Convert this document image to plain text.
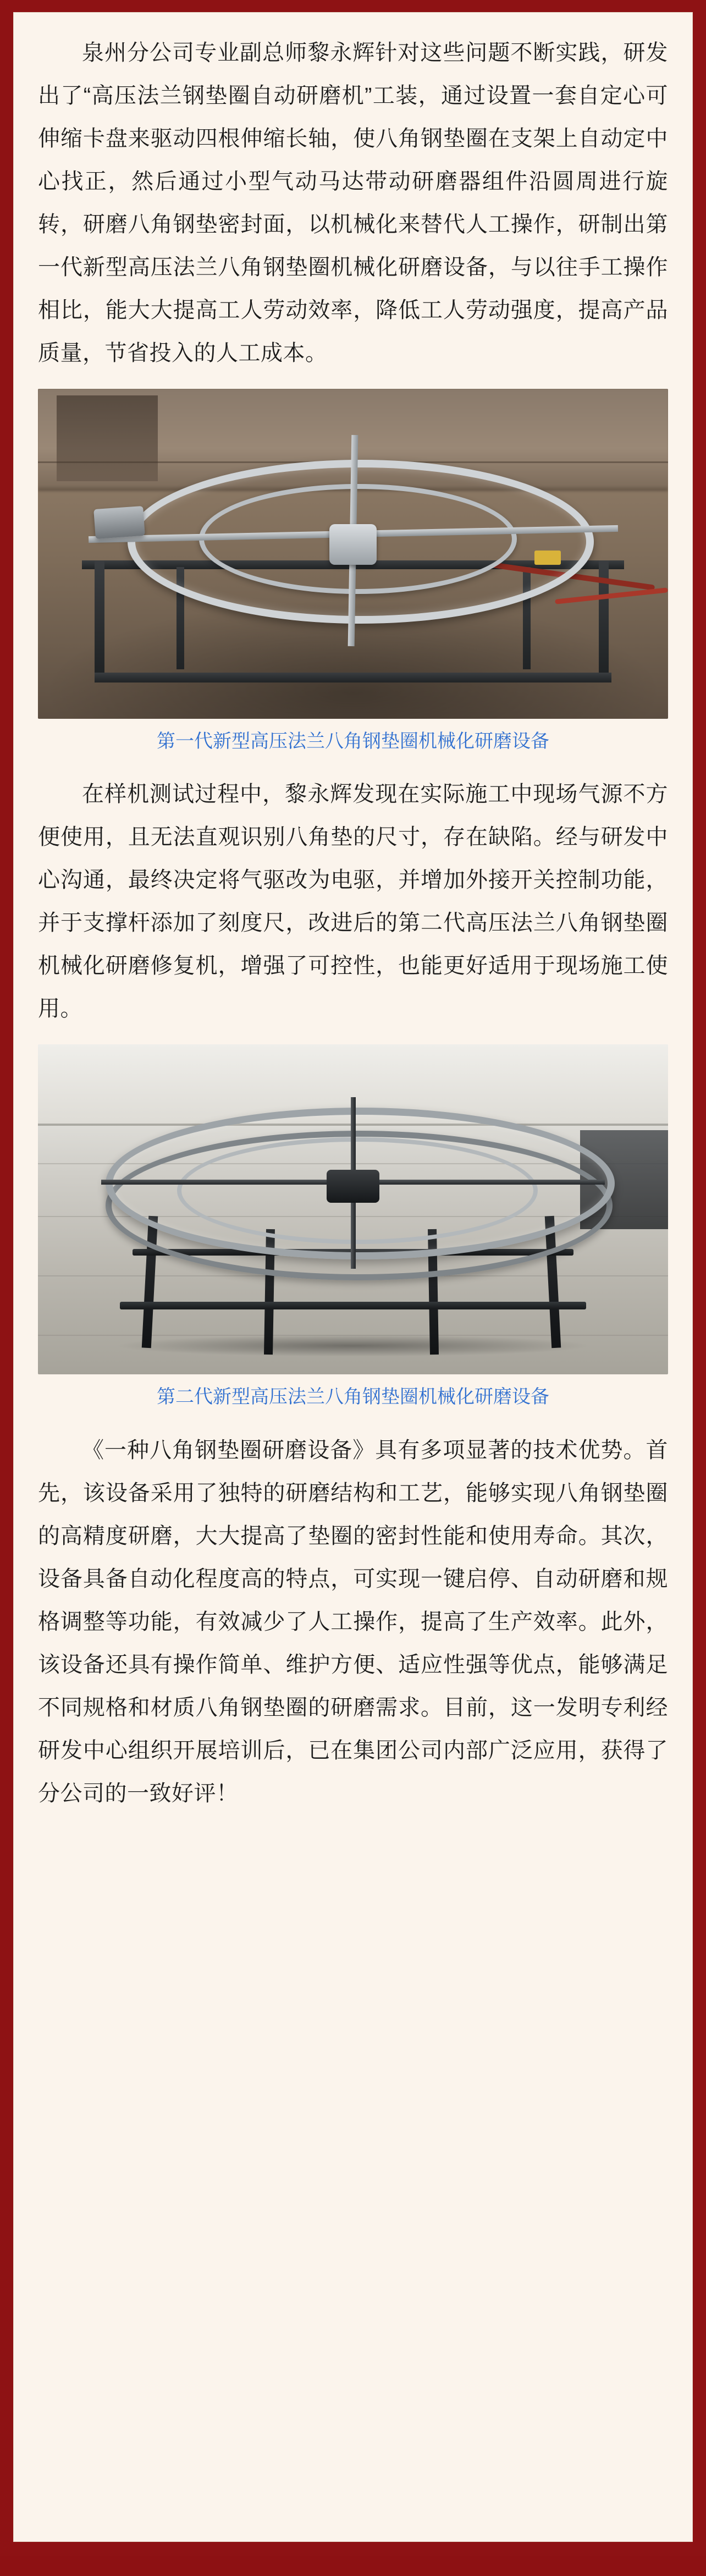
泉州分公司专业副总师黎永辉针对这些问题不断实践，研发出了“高压法兰钢垫圈自动研磨机”工装，通过设置一套自定心可伸缩卡盘来驱动四根伸缩长轴，使八角钢垫圈在支架上自动定中心找正，然后通过小型气动马达带动研磨器组件沿圆周进行旋转，研磨八角钢垫密封面，以机械化来替代人工操作，研制出第一代新型高压法兰八角钢垫圈机械化研磨设备，与以往手工操作相比，能大大提高工人劳动效率，降低工人劳动强度，提高产品质量，节省投入的人工成本。

第一代新型高压法兰八角钢垫圈机械化研磨设备

在样机测试过程中，黎永辉发现在实际施工中现场气源不方便使用，且无法直观识别八角垫的尺寸，存在缺陷。经与研发中心沟通，最终决定将气驱改为电驱，并增加外接开关控制功能，并于支撑杆添加了刻度尺，改进后的第二代高压法兰八角钢垫圈机械化研磨修复机，增强了可控性，也能更好适用于现场施工使用。

第二代新型高压法兰八角钢垫圈机械化研磨设备

《一种八角钢垫圈研磨设备》具有多项显著的技术优势。首先，该设备采用了独特的研磨结构和工艺，能够实现八角钢垫圈的高精度研磨，大大提高了垫圈的密封性能和使用寿命。其次，设备具备自动化程度高的特点，可实现一键启停、自动研磨和规格调整等功能，有效减少了人工操作，提高了生产效率。此外，该设备还具有操作简单、维护方便、适应性强等优点，能够满足不同规格和材质八角钢垫圈的研磨需求。目前，这一发明专利经研发中心组织开展培训后，已在集团公司内部广泛应用，获得了分公司的一致好评！
